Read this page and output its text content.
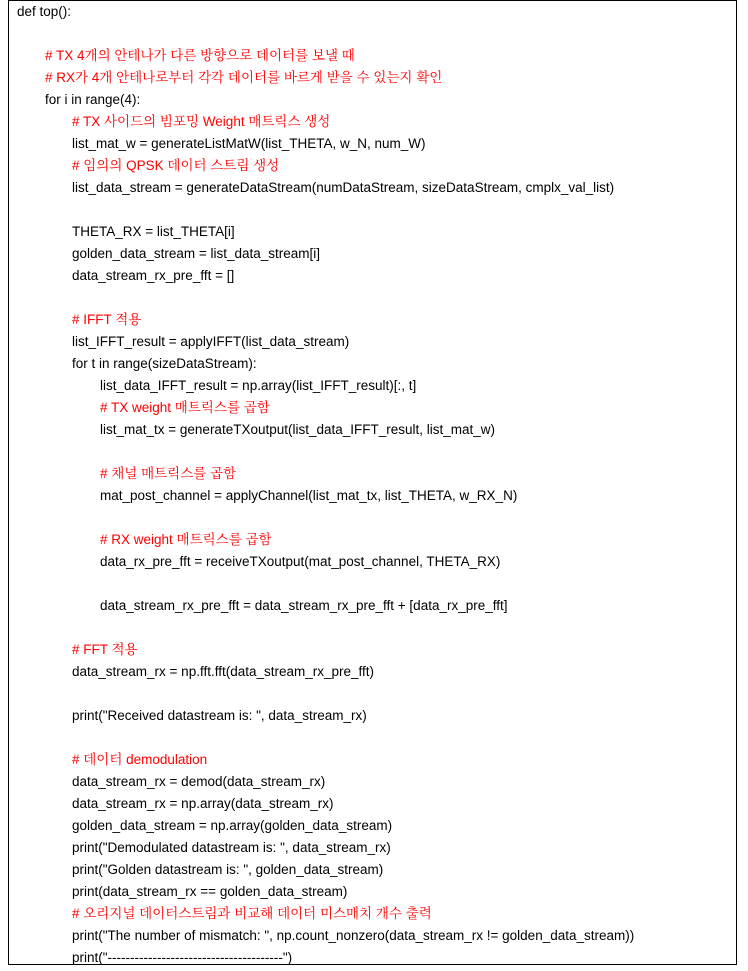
def top():
# TX 4개의 안테나가 다른 방향으로 데이터를 보낼 때
# RX가 4개 안테나로부터 각각 데이터를 바르게 받을 수 있는지 확인
for i in range(4):
# TX 사이드의 빔포밍 Weight 매트릭스 생성
list_mat_w = generateListMatW(list_THETA, w_N, num_W)
# 임의의 QPSK 데이터 스트림 생성
list_data_stream = generateDataStream(numDataStream, sizeDataStream, cmplx_val_list)
THETA_RX = list_THETA[i]
golden_data_stream = list_data_stream[i]
data_stream_rx_pre_fft = []
# IFFT 적용
list_IFFT_result = applyIFFT(list_data_stream)
for t in range(sizeDataStream):
list_data_IFFT_result = np.array(list_IFFT_result)[:, t]
# TX weight 매트릭스를 곱함
list_mat_tx = generateTXoutput(list_data_IFFT_result, list_mat_w)
# 채널 매트릭스를 곱함
mat_post_channel = applyChannel(list_mat_tx, list_THETA, w_RX_N)
# RX weight 매트릭스를 곱함
data_rx_pre_fft = receiveTXoutput(mat_post_channel, THETA_RX)
data_stream_rx_pre_fft = data_stream_rx_pre_fft + [data_rx_pre_fft]
# FFT 적용
data_stream_rx = np.fft.fft(data_stream_rx_pre_fft)
print("Received datastream is: ", data_stream_rx)
# 데이터 demodulation
data_stream_rx = demod(data_stream_rx)
data_stream_rx = np.array(data_stream_rx)
golden_data_stream = np.array(golden_data_stream)
print("Demodulated datastream is: ", data_stream_rx)
print("Golden datastream is: ", golden_data_stream)
print(data_stream_rx == golden_data_stream)
# 오리지널 데이터스트림과 비교해 데이터 미스매치 개수 출력
print("The number of mismatch: ", np.count_nonzero(data_stream_rx != golden_data_stream))
print("---------------------------------------")
